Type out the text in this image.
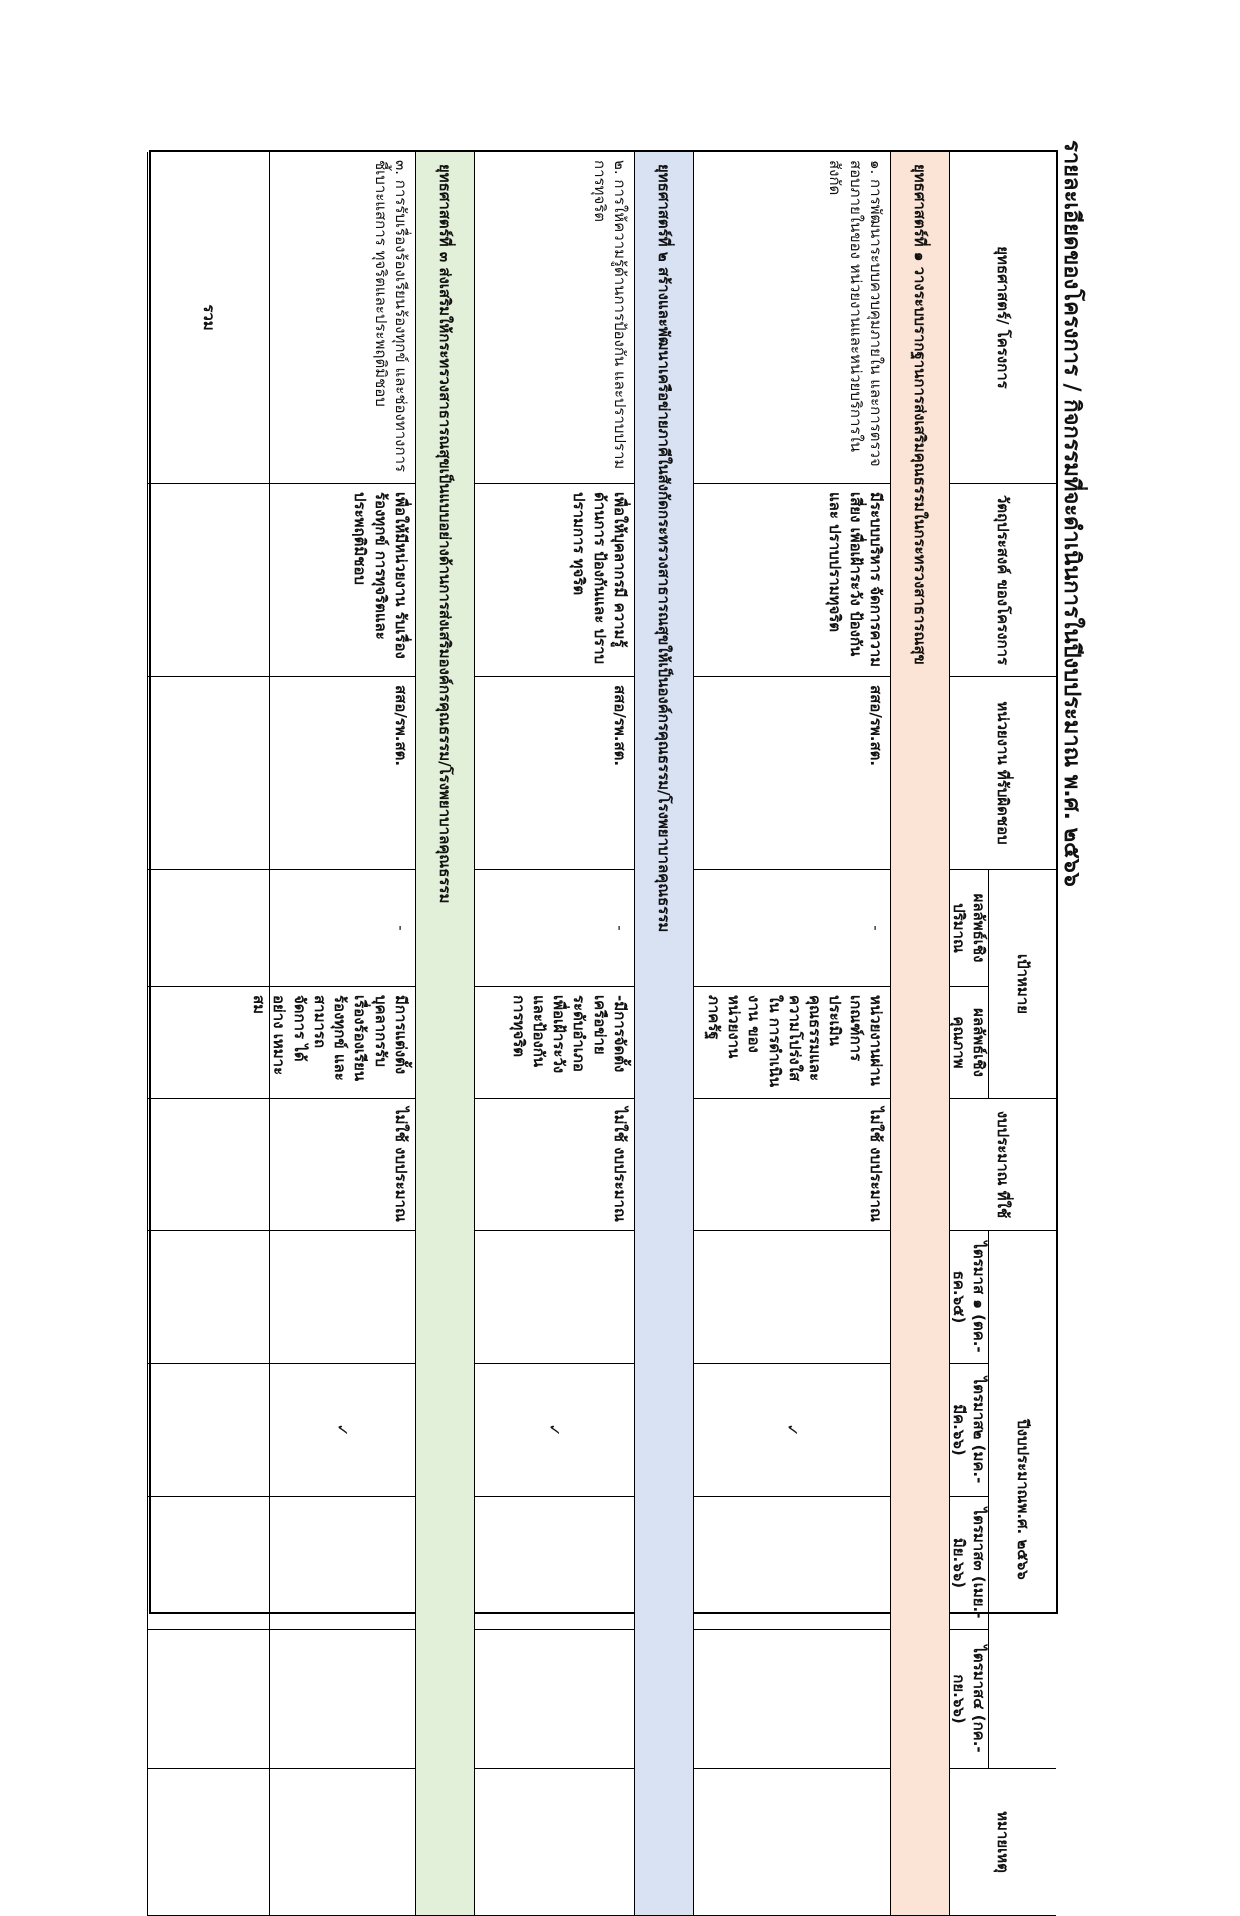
รายละเอียดของโครงการ / กิจกรรมที่จะดำเนินการในปีงบประมาณ พ.ศ. ๒๕๖๖
ยุทธศาสตร์/ โครงการ
วัตถุประสงค์ ของโครงการ
หน่วยงาน ที่รับผิดชอบ
เป้าหมาย
งบประมาณ ที่ใช้
ปีงบประมาณพ.ศ. ๒๕๖๖
หมายเหตุ
ผลลัพธ์เชิง ปริมาณ
ผลลัพธ์เชิง คุณภาพ
ไตรมาส ๑ (ตค.-ธค.๖๕)
ไตรมาส๒ (มค.-มีค.๖๖)
ไตรมาส๓ (เมย.-มิย.๖๖)
ไตรมาส๔ (กค.-กย.๖๖)
ยุทธศาสตร์ที่ ๑ วางระบบรากฐานการส่งเสริมคุณธรรมในกระทรวงสาธารณสุข
๑. การพัฒนาระบบควบคุมภายใน และการตรวจสอบภายในของ หน่วยงานและหน่วยบริการใน สังกัด
มีระบบบริหาร จัดการความเสี่ยง เพื่อเฝ้าระวัง ป้องกัน และ ปราบปรามทุจริต
สสอ/รพ.สต.
-
หน่วยงานผ่าน เกณฑ์การ ประเมิน คุณธรรมและ ความโปร่งใสใน การดำเนินงาน ของหน่วยงาน ภาครัฐ
ไม่ใช้ งบประมาณ
✓
ยุทธศาสตร์ที่ ๒ สร้างและพัฒนาเครือข่ายภาคีในสังกัดกระทรวงสาธารณสุขให้เป็นองค์กรคุณธรรม/โรงพยาบาลคุณธรรม
๒. การให้ความรู้ด้านการป้องกัน และปราบปรามการทุจริต
เพื่อให้บุคลากรมี ความรู้ด้านการ ป้องกันและ ปราบปรามการ ทุจริต
สสอ/รพ.สต.
-
-มีการจัดตั้ง เครือข่าย ระดับอำเภอ เพื่อเฝ้าระวัง และป้องกัน การทุจริต
ไม่ใช้ งบประมาณ
✓
ยุทธศาสตร์ที่ ๓ ส่งเสริมให้กระทรวงสาธารณสุขเป็นแบบอย่างด้านการส่งเสริมองค์กรคุณธรรม/โรงพยาบาลคุณธรรม
๓. การรับเรื่องร้องเรียนร้องทุกข์ และช่องทางการชี้เบาะแสการ ทุจริตและประพฤติมิชอบ
เพื่อให้มีหน่วยงาน รับเรื่องร้องทุกข์ การทุจริตและ ประพฤติมิชอบ
สสอ/รพ.สต.
-
มีการแต่งตั้ง บุคลากรรับ เรื่องร้องเรียน ร้องทุกข์ และ สามารถจัดการ ได้อย่าง เหมาะสม
ไม่ใช้ งบประมาณ
✓
รวม
